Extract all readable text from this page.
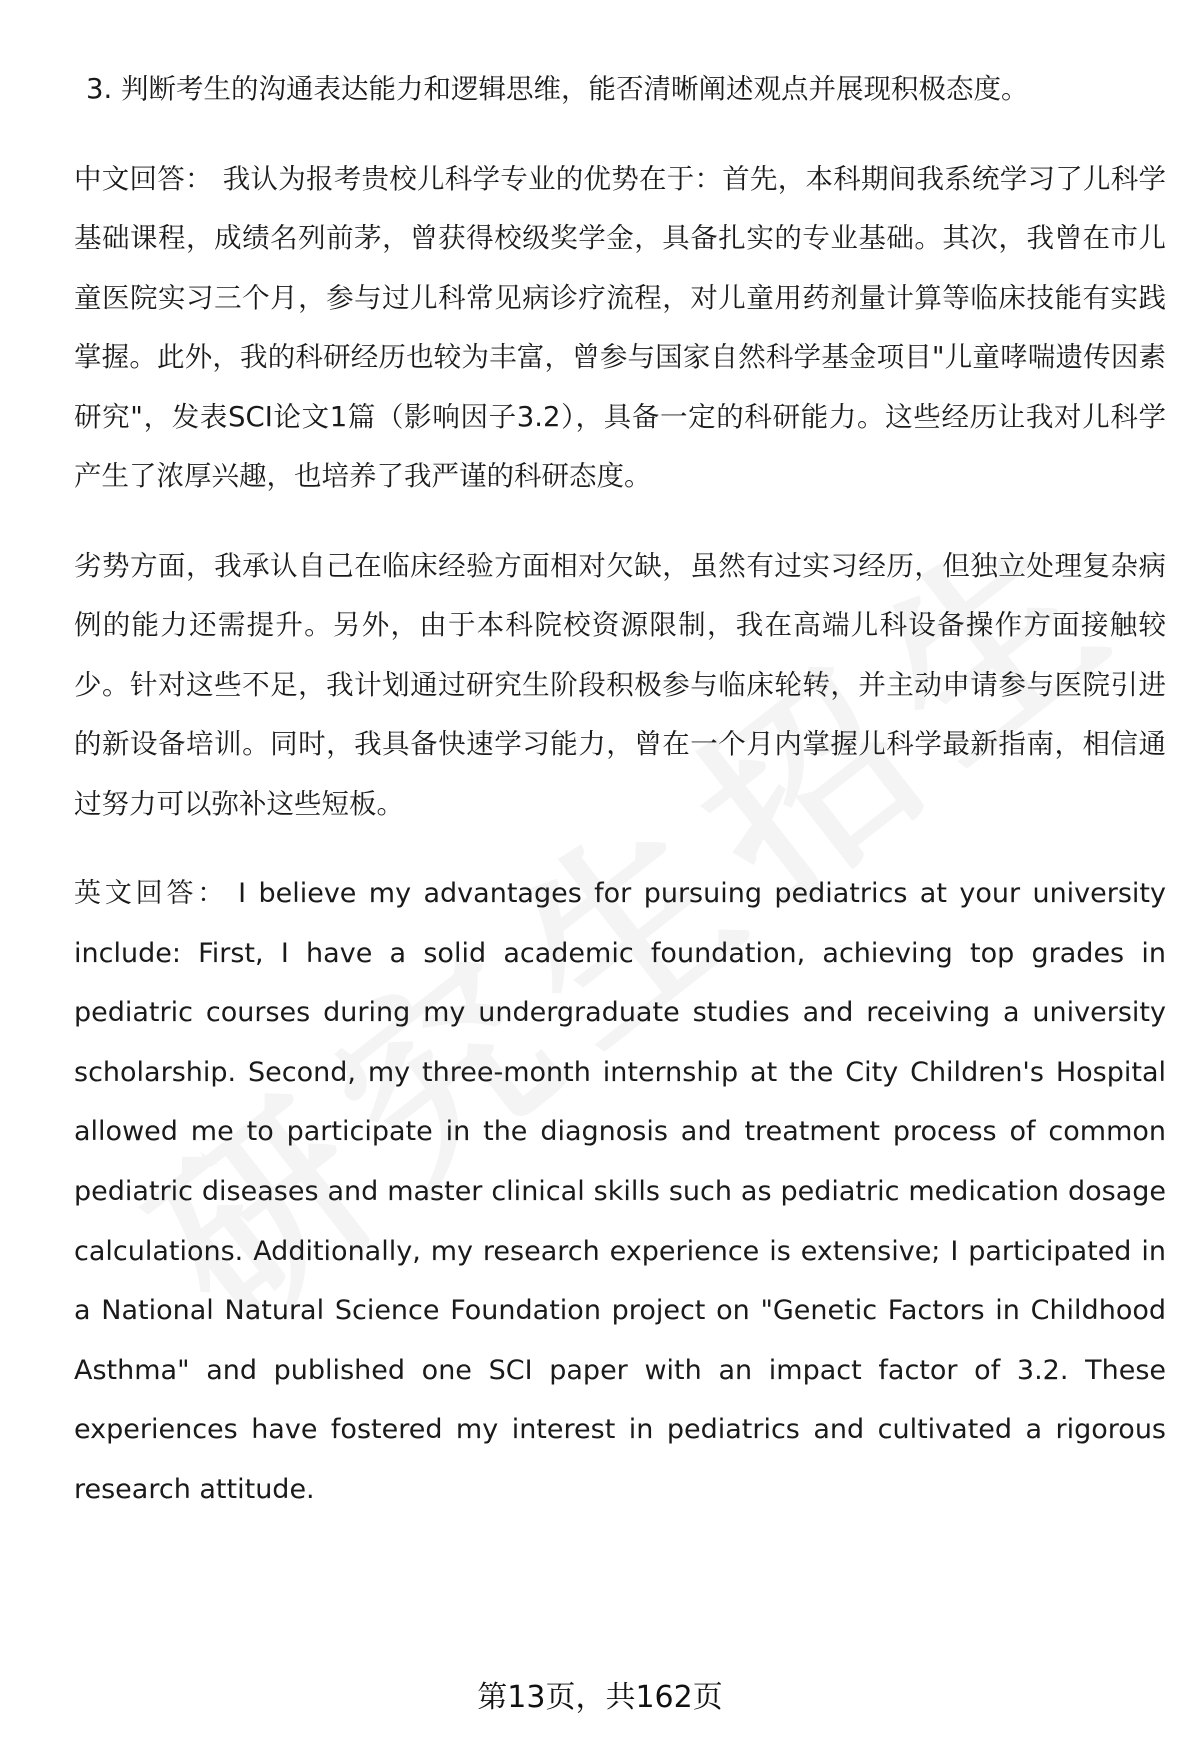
3. 判断考生的沟通表达能力和逻辑思维，能否清晰阐述观点并展现积极态度。

中文回答： 我认为报考贵校儿科学专业的优势在于：首先，本科期间我系统学习了儿科学基础课程，成绩名列前茅，曾获得校级奖学金，具备扎实的专业基础。其次，我曾在市儿童医院实习三个月，参与过儿科常见病诊疗流程，对儿童用药剂量计算等临床技能有实践掌握。此外，我的科研经历也较为丰富，曾参与国家自然科学基金项目"儿童哮喘遗传因素研究"，发表SCI论文1篇（影响因子3.2），具备一定的科研能力。这些经历让我对儿科学产生了浓厚兴趣，也培养了我严谨的科研态度。

劣势方面，我承认自己在临床经验方面相对欠缺，虽然有过实习经历，但独立处理复杂病例的能力还需提升。另外，由于本科院校资源限制，我在高端儿科设备操作方面接触较少。针对这些不足，我计划通过研究生阶段积极参与临床轮转，并主动申请参与医院引进的新设备培训。同时，我具备快速学习能力，曾在一个月内掌握儿科学最新指南，相信通过努力可以弥补这些短板。

英文回答： I believe my advantages for pursuing pediatrics at your university include: First, I have a solid academic foundation, achieving top grades in pediatric courses during my undergraduate studies and receiving a university scholarship. Second, my three-month internship at the City Children's Hospital allowed me to participate in the diagnosis and treatment process of common pediatric diseases and master clinical skills such as pediatric medication dosage calculations. Additionally, my research experience is extensive; I participated in a National Natural Science Foundation project on "Genetic Factors in Childhood Asthma" and published one SCI paper with an impact factor of 3.2. These experiences have fostered my interest in pediatrics and cultivated a rigorous research attitude.

第13页，共162页
